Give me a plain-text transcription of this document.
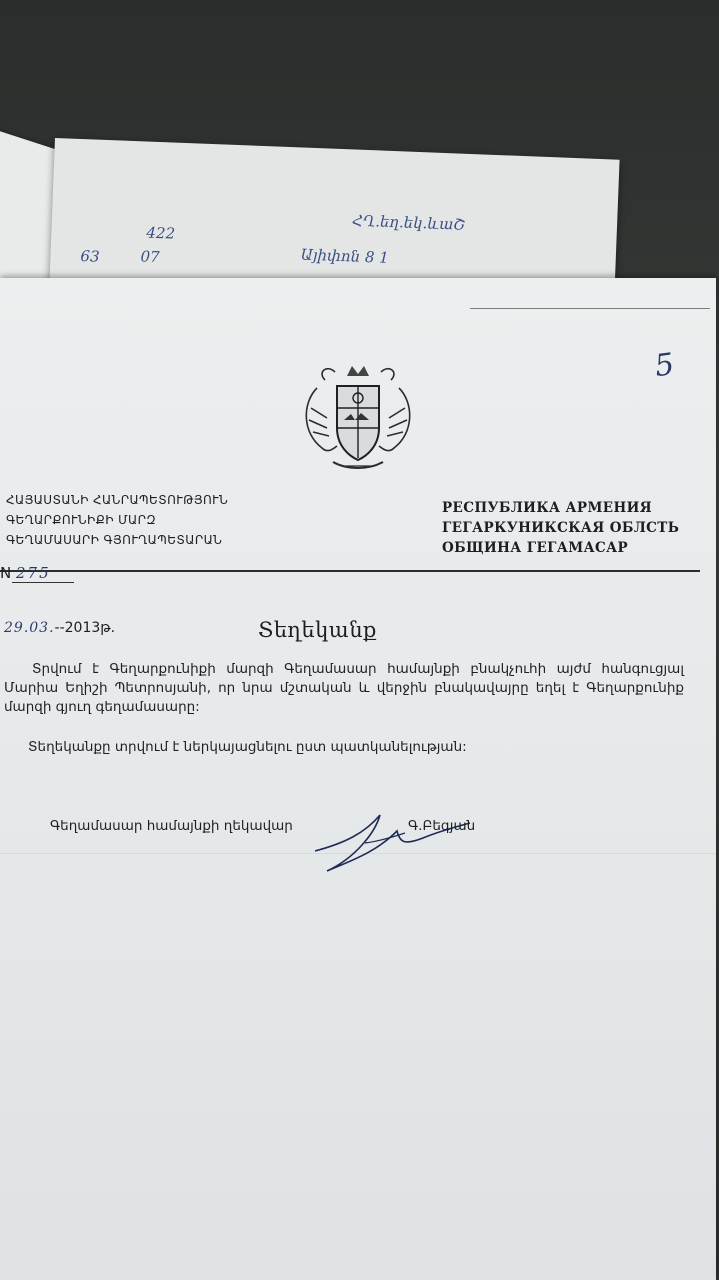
ՀՂ.եղ.եկ.ևաՇ
422
07	Այիփոն 8 1
63
5
ՀԱՅԱՍՏԱՆԻ ՀԱՆՐԱՊԵՏՈՒԹՅՈՒՆ
ԳԵՂԱՐՔՈՒՆԻՔԻ ՄԱՐԶ
ԳԵՂԱՄԱՍԱՐԻ ԳՅՈՒՂԱՊԵՏԱՐԱՆ
РЕСПУБЛИКА АРМЕНИЯ
ГЕГАРКУНИКСКАЯ ОБЛСТЬ
ОБЩИНА ГЕГАМАСАР
N 275
29.03.--2013թ.	Տեղեկանք

Տրվում է Գեղարքունիքի մարզի Գեղամասար համայնքի բնակչուհի այժմ հանգուցյալ Մարիա Եղիշի Պետրոսյանի, որ նրա մշտական և վերջին բնակավայրը եղել է Գեղարքունիք մարզի գյուղ գեղամասարը:

Տեղեկանքը տրվում է ներկայացնելու ըստ պատկանելության:

Գեղամասար համայնքի ղեկավար	Գ.Բեգյան
